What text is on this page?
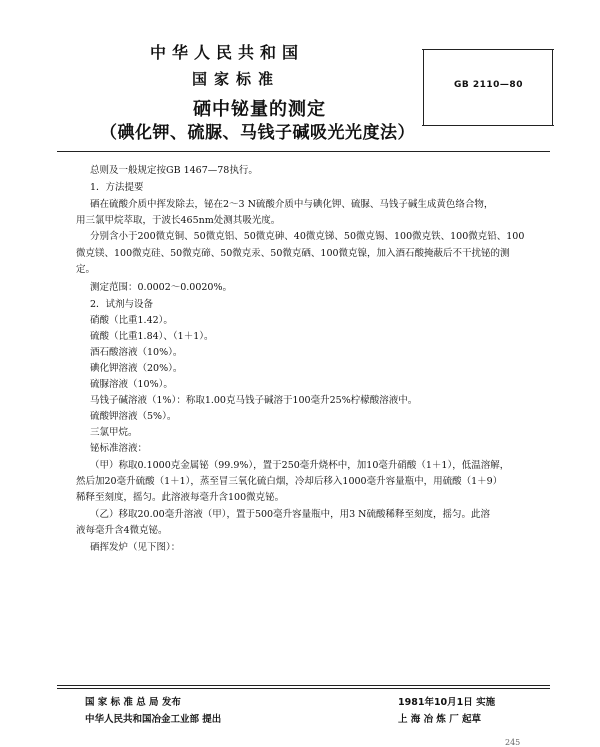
中华人民共和国
国家标准
硒中铋量的测定
（碘化钾、硫脲、马钱子碱吸光光度法）
GB 2110—80
总则及一般规定按GB 1467—78执行。
1．方法提要
硒在硫酸介质中挥发除去，铋在2～3 N硫酸介质中与碘化钾、硫脲、马钱子碱生成黄色络合物，
用三氯甲烷萃取，于波长465nm处测其吸光度。
分别含小于200微克铜、50微克铝、50微克砷、40微克锑、50微克锡、100微克铁、100微克铅、100
微克镁、100微克硅、50微克碲、50微克汞、50微克硒、100微克镍，加入酒石酸掩蔽后不干扰铋的测
定。
测定范围：0.0002～0.0020%。
2．试剂与设备
硝酸（比重1.42）。
硫酸（比重1.84）、（1＋1）。
酒石酸溶液（10%）。
碘化钾溶液（20%）。
硫脲溶液（10%）。
马钱子碱溶液（1%）：称取1.00克马钱子碱溶于100毫升25%柠檬酸溶液中。
硫酸钾溶液（5%）。
三氯甲烷。
铋标准溶液：
（甲）称取0.1000克金属铋（99.9%），置于250毫升烧杯中，加10毫升硝酸（1＋1），低温溶解，
然后加20毫升硫酸（1＋1），蒸至冒三氧化硫白烟，冷却后移入1000毫升容量瓶中，用硫酸（1＋9）
稀释至刻度，摇匀。此溶液每毫升含100微克铋。
（乙）移取20.00毫升溶液（甲），置于500毫升容量瓶中，用3 N硫酸稀释至刻度，摇匀。此溶
液每毫升含4微克铋。
硒挥发炉（见下图）：
国 家 标 准 总 局 发布	1981年10月1日 实施
中华人民共和国冶金工业部 提出	上 海 冶 炼 厂 起草
245
